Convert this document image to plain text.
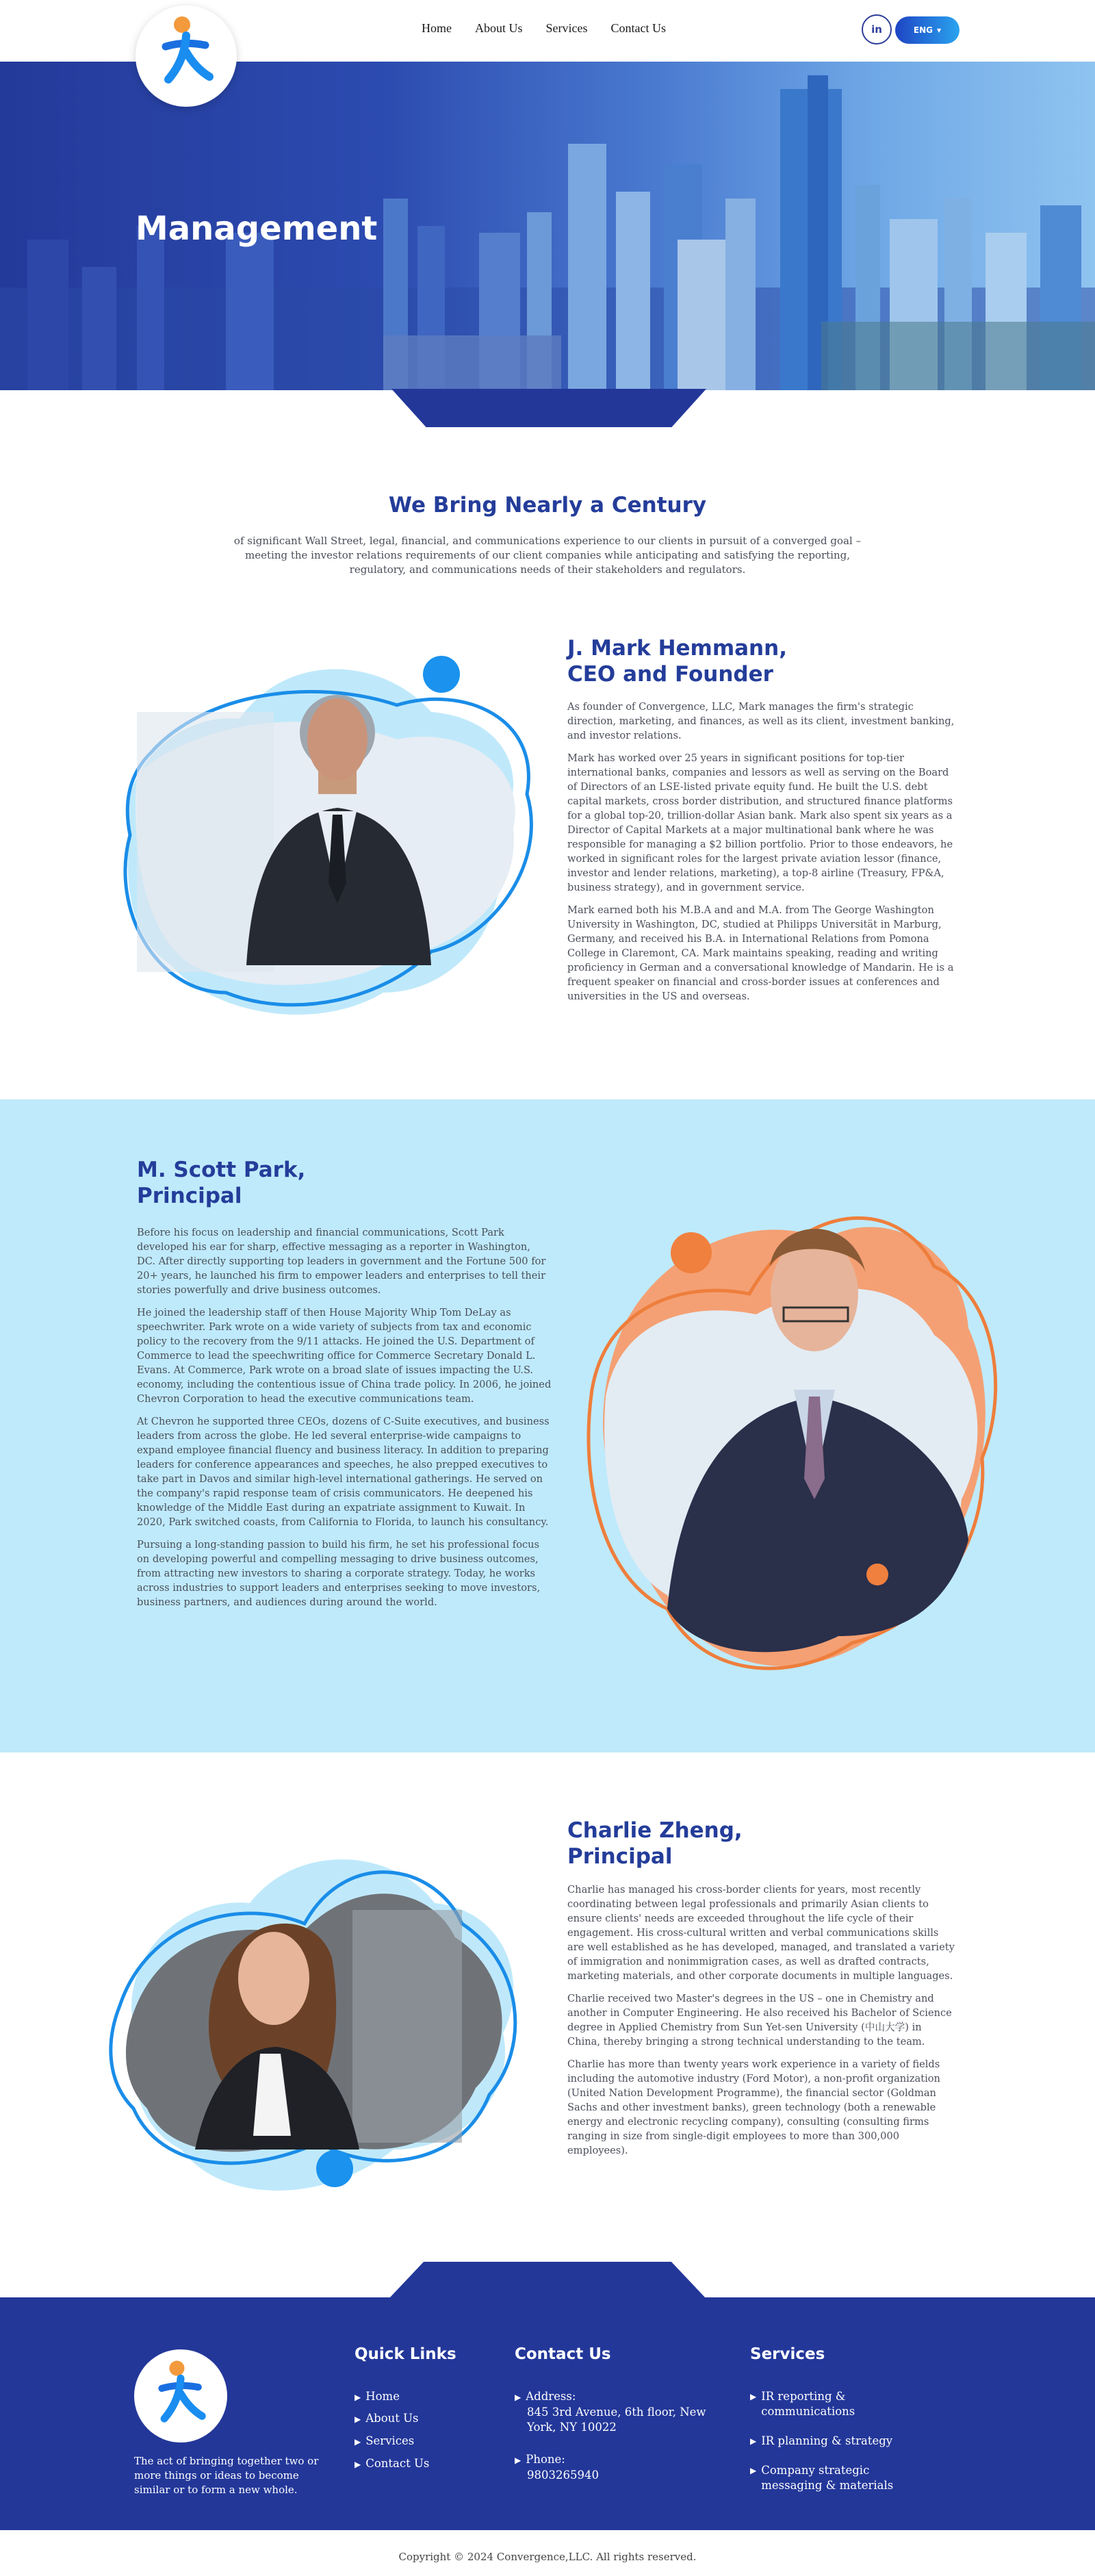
Home About Us Services Contact Us	in	ENG ▼
Management
We Bring Nearly a Century

of significant Wall Street, legal, financial, and communications experience to our clients in pursuit of a converged goal – meeting the investor relations requirements of our client companies while anticipating and satisfying the reporting, regulatory, and communications needs of their stakeholders and regulators.

J. Mark Hemmann,
CEO and Founder

As founder of Convergence, LLC, Mark manages the firm's strategic direction, marketing, and finances, as well as its client, investment banking, and investor relations.

Mark has worked over 25 years in significant positions for top-tier international banks, companies and lessors as well as serving on the Board of Directors of an LSE-listed private equity fund. He built the U.S. debt capital markets, cross border distribution, and structured finance platforms for a global top-20, trillion-dollar Asian bank. Mark also spent six years as a Director of Capital Markets at a major multinational bank where he was responsible for managing a $2 billion portfolio. Prior to those endeavors, he worked in significant roles for the largest private aviation lessor (finance, investor and lender relations, marketing), a top-8 airline (Treasury, FP&A, business strategy), and in government service.

Mark earned both his M.B.A and and M.A. from The George Washington University in Washington, DC, studied at Philipps Universität in Marburg, Germany, and received his B.A. in International Relations from Pomona College in Claremont, CA. Mark maintains speaking, reading and writing proficiency in German and a conversational knowledge of Mandarin. He is a frequent speaker on financial and cross-border issues at conferences and universities in the US and overseas.

M. Scott Park,
Principal

Before his focus on leadership and financial communications, Scott Park developed his ear for sharp, effective messaging as a reporter in Washington, DC. After directly supporting top leaders in government and the Fortune 500 for 20+ years, he launched his firm to empower leaders and enterprises to tell their stories powerfully and drive business outcomes.

He joined the leadership staff of then House Majority Whip Tom DeLay as speechwriter. Park wrote on a wide variety of subjects from tax and economic policy to the recovery from the 9/11 attacks. He joined the U.S. Department of Commerce to lead the speechwriting office for Commerce Secretary Donald L. Evans. At Commerce, Park wrote on a broad slate of issues impacting the U.S. economy, including the contentious issue of China trade policy. In 2006, he joined Chevron Corporation to head the executive communications team.

At Chevron he supported three CEOs, dozens of C-Suite executives, and business leaders from across the globe. He led several enterprise-wide campaigns to expand employee financial fluency and business literacy. In addition to preparing leaders for conference appearances and speeches, he also prepped executives to take part in Davos and similar high-level international gatherings. He served on the company's rapid response team of crisis communicators. He deepened his knowledge of the Middle East during an expatriate assignment to Kuwait. In 2020, Park switched coasts, from California to Florida, to launch his consultancy.

Pursuing a long-standing passion to build his firm, he set his professional focus on developing powerful and compelling messaging to drive business outcomes, from attracting new investors to sharing a corporate strategy. Today, he works across industries to support leaders and enterprises seeking to move investors, business partners, and audiences during around the world.

Charlie Zheng,
Principal

Charlie has managed his cross-border clients for years, most recently coordinating between legal professionals and primarily Asian clients to ensure clients' needs are exceeded throughout the life cycle of their engagement. His cross-cultural written and verbal communications skills are well established as he has developed, managed, and translated a variety of immigration and nonimmigration cases, as well as drafted contracts, marketing materials, and other corporate documents in multiple languages.

Charlie received two Master's degrees in the US – one in Chemistry and another in Computer Engineering. He also received his Bachelor of Science degree in Applied Chemistry from Sun Yet-sen University (中山大学) in China, thereby bringing a strong technical understanding to the team.

Charlie has more than twenty years work experience in a variety of fields including the automotive industry (Ford Motor), a non-profit organization (United Nation Development Programme), the financial sector (Goldman Sachs and other investment banks), green technology (both a renewable energy and electronic recycling company), consulting (consulting firms ranging in size from single-digit employees to more than 300,000 employees).

The act of bringing together two or more things or ideas to become similar or to form a new whole.

Quick Links
▶ Home
▶ About Us
▶ Services
▶ Contact Us
Contact Us
▶ Address:
845 3rd Avenue, 6th floor, New York, NY 10022
▶ Phone:
9803265940
Services
▶ IR reporting & communications
▶ IR planning & strategy
▶ Company strategic messaging & materials
Copyright © 2024 Convergence,LLC. All rights reserved.
